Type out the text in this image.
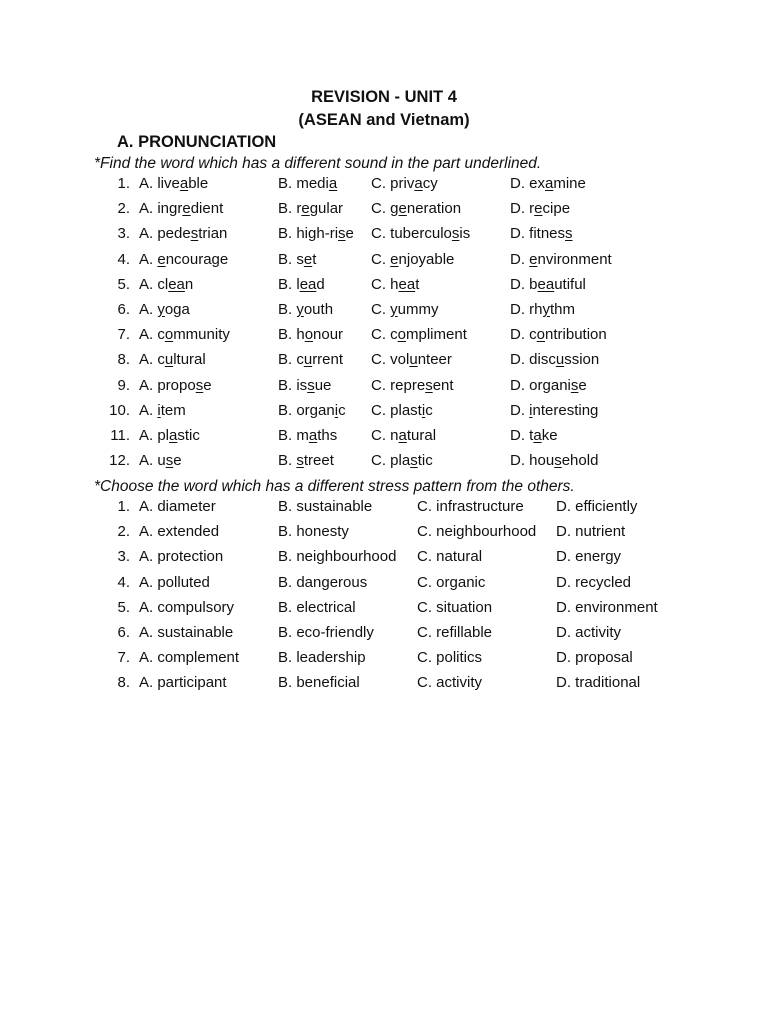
REVISION - UNIT 4
(ASEAN and Vietnam)
A. PRONUNCIATION
*Find the word which has a different sound in the part underlined.
1. A. liveable	B. media C. privacy	D. examine
2. A. ingredient	B. regular C. generation	D. recipe
3. A. pedestrian	B. high-rise C. tuberculosis	D. fitness
4. A. encourage	B. set	C. enjoyable	D. environment
5. A. clean	B. lead	C. heat	D. beautiful
6. A. yoga	B. youth	C. yummy	D. rhythm
7. A. community	B. honour C. compliment	D. contribution
8. A. cultural	B. current C. volunteer	D. discussion
9. A. propose	B. issue	C. represent	D. organise
10. A. item	B. organic C. plastic	D. interesting
11. A. plastic	B. maths C. natural	D. take
12. A. use	B. street C. plastic	D. household
*Choose the word which has a different stress pattern from the others.
1. A. diameter	B. sustainable	C. infrastructure D. efficiently
2. A. extended	B. honesty	C. neighbourhood D. nutrient
3. A. protection	B. neighbourhood C. natural	D. energy
4. A. polluted	B. dangerous	C. organic	D. recycled
5. A. compulsory	B. electrical	C. situation	D. environment
6. A. sustainable	B. eco-friendly	C. refillable	D. activity
7. A. complement	B. leadership	C. politics	D. proposal
8. A. participant	B. beneficial	C. activity	D. traditional
